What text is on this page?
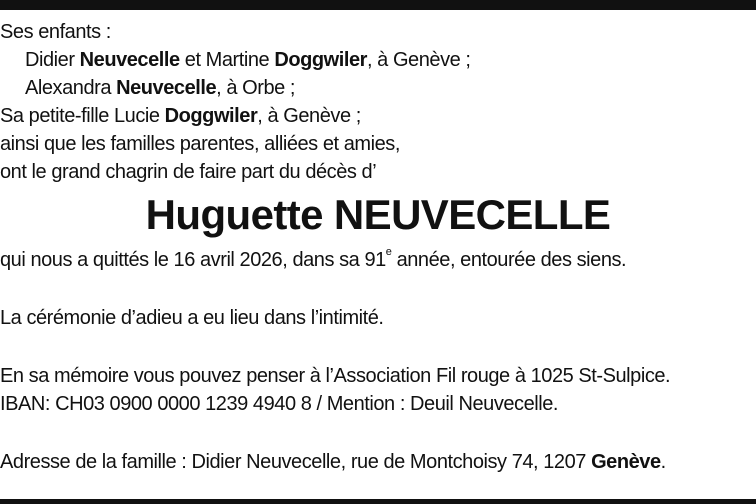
Ses enfants :
Didier Neuvecelle et Martine Doggwiler, à Genève ;
Alexandra Neuvecelle, à Orbe ;
Sa petite-fille Lucie Doggwiler, à Genève ;
ainsi que les familles parentes, alliées et amies,
ont le grand chagrin de faire part du décès d’
Huguette NEUVECELLE
qui nous a quittés le 16 avril 2026, dans sa 91e année, entourée des siens.
La cérémonie d’adieu a eu lieu dans l’intimité.
En sa mémoire vous pouvez penser à l’Association Fil rouge à 1025 St-Sulpice.
IBAN: CH03 0900 0000 1239 4940 8 / Mention : Deuil Neuvecelle.
Adresse de la famille : Didier Neuvecelle, rue de Montchoisy 74, 1207 Genève.
